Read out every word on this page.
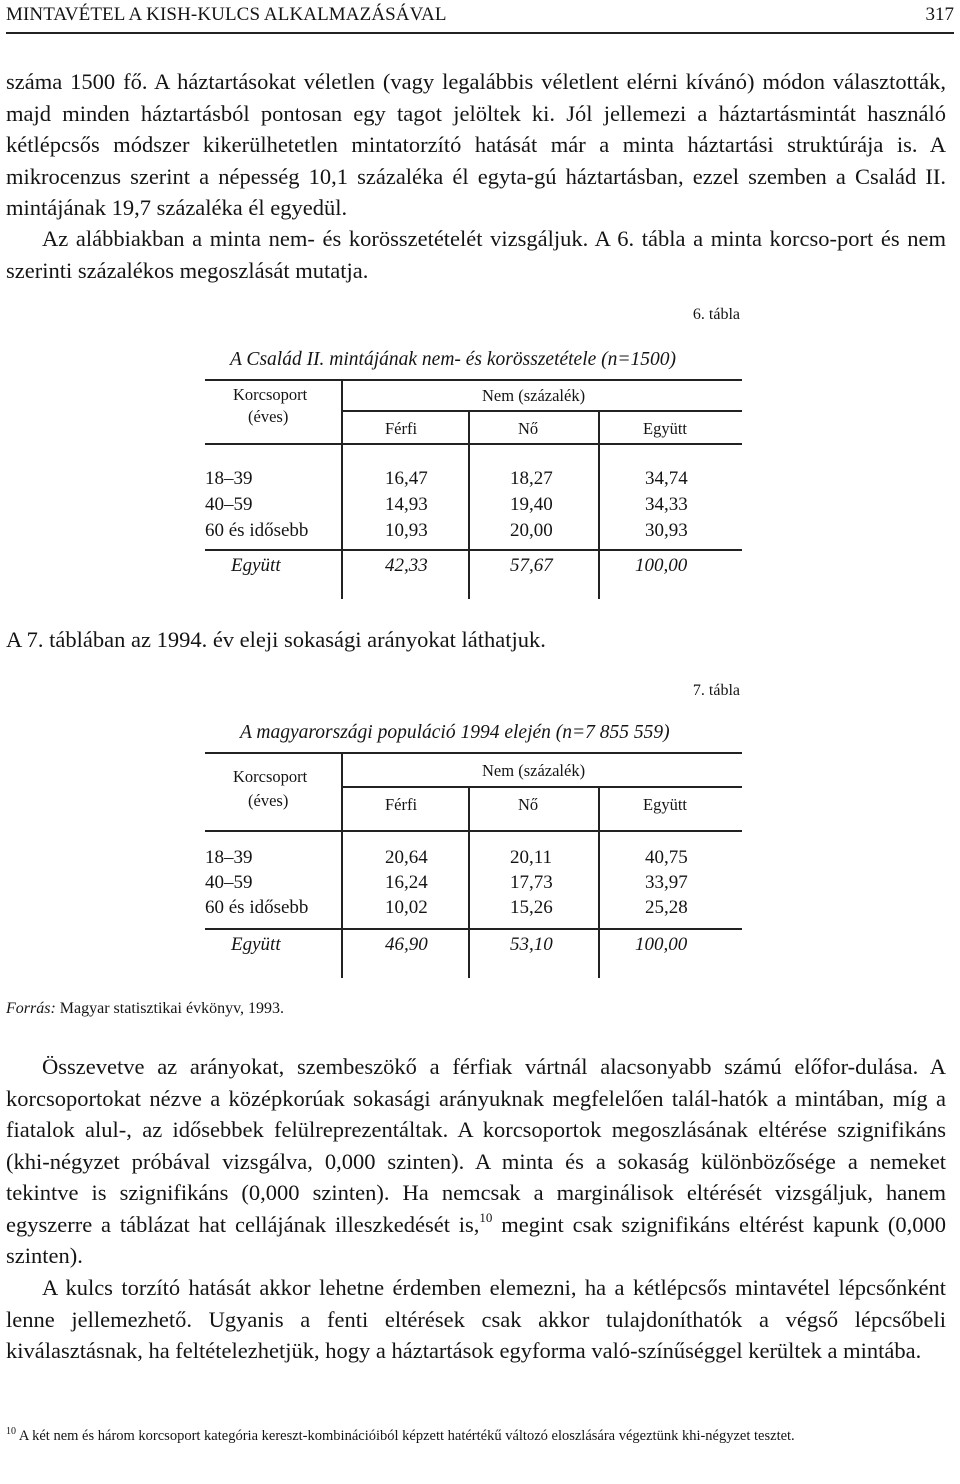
MINTAVÉTEL A KISH-KULCS ALKALMAZÁSÁVAL	317

száma 1500 fő. A háztartásokat véletlen (vagy legalábbis véletlent elérni kívánó) módon választották, majd minden háztartásból pontosan egy tagot jelöltek ki. Jól jellemezi a háztartásmintát használó kétlépcsős módszer kikerülhetetlen mintatorzító hatását már a minta háztartási struktúrája is. A mikrocenzus szerint a népesség 10,1 százaléka él egyta-gú háztartásban, ezzel szemben a Család II. mintájának 19,7 százaléka él egyedül.

Az alábbiakban a minta nem- és korösszetételét vizsgáljuk. A 6. tábla a minta korcso-port és nem szerinti százalékos megoszlását mutatja.

6. tábla
A Család II. mintájának nem- és korösszetétele (n=1500)
Korcsoport
(éves)
Nem (százalék)
Férfi	Nő	Együtt
18–39	16,47	18,27	34,74
40–59	14,93	19,40	34,33
60 és idősebb	10,93	20,00	30,93
Együtt	42,33	57,67	100,00

A 7. táblában az 1994. év eleji sokasági arányokat láthatjuk.

7. tábla
A magyarországi populáció 1994 elején (n=7 855 559)
Korcsoport
(éves)
Nem (százalék)
Férfi	Nő	Együtt
18–39	20,64	20,11	40,75
40–59	16,24	17,73	33,97
60 és idősebb	10,02	15,26	25,28
Együtt	46,90	53,10	100,00
Forrás: Magyar statisztikai évkönyv, 1993.

Összevetve az arányokat, szembeszökő a férfiak vártnál alacsonyabb számú előfor-dulása. A korcsoportokat nézve a középkorúak sokasági arányuknak megfelelően talál-hatók a mintában, míg a fiatalok alul-, az idősebbek felülreprezentáltak. A korcsoportok megoszlásának eltérése szignifikáns (khi-négyzet próbával vizsgálva, 0,000 szinten). A minta és a sokaság különbözősége a nemeket tekintve is szignifikáns (0,000 szinten). Ha nemcsak a marginálisok eltérését vizsgáljuk, hanem egyszerre a táblázat hat cellájának illeszkedését is,$^{10}$ megint csak szignifikáns eltérést kapunk (0,000 szinten).

A kulcs torzító hatását akkor lehetne érdemben elemezni, ha a kétlépcsős mintavétel lépcsőnként lenne jellemezhető. Ugyanis a fenti eltérések csak akkor tulajdoníthatók a végső lépcsőbeli kiválasztásnak, ha feltételezhetjük, hogy a háztartások egyforma való-színűséggel kerültek a mintába.

$^{10}$ A két nem és három korcsoport kategória kereszt-kombinációiból képzett hatértékű változó eloszlására végeztünk khi-négyzet tesztet.
